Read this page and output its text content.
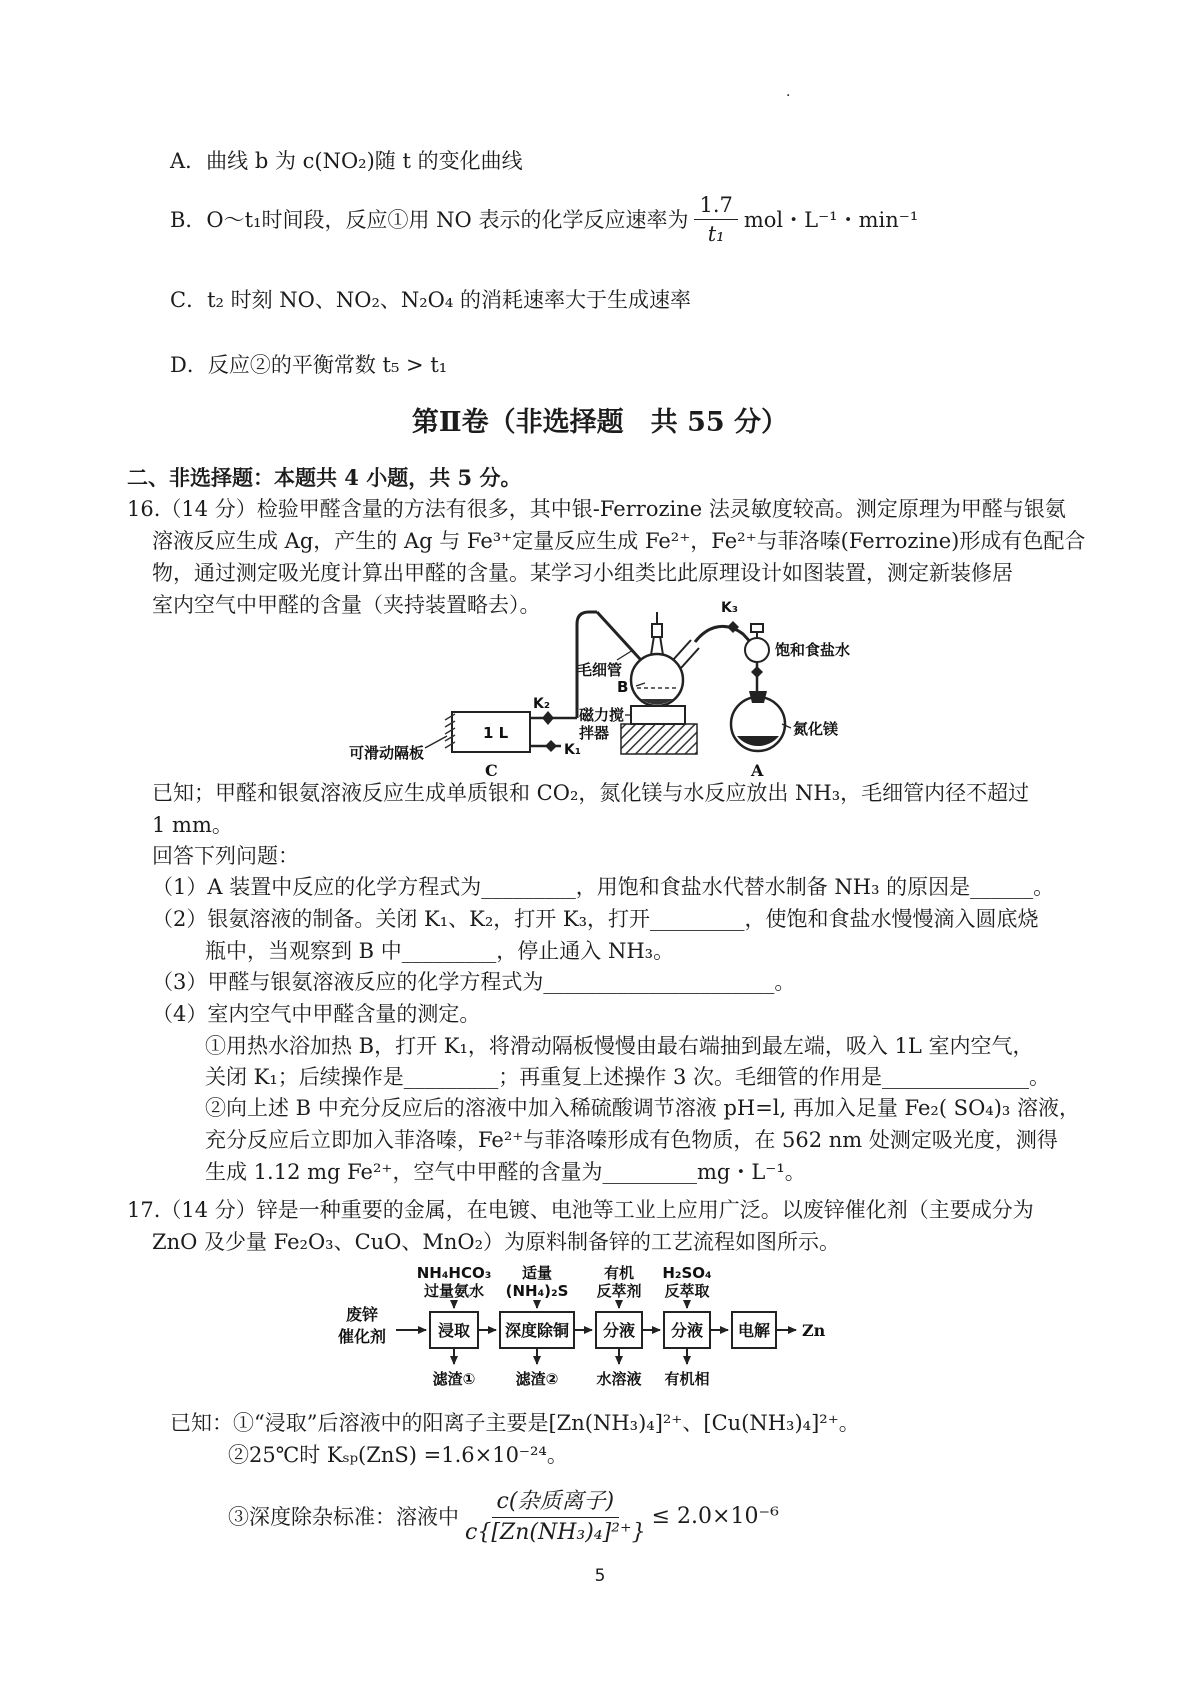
·
A．曲线 b 为 c(NO₂)随 t 的变化曲线
B．O～t₁时间段，反应①用 NO 表示的化学反应速率为 $\frac{1.7}{\text{t₁}}$ mol・L⁻¹・min⁻¹
C．t₂ 时刻 NO、NO₂、N₂O₄ 的消耗速率大于生成速率
D．反应②的平衡常数 t₅ > t₁
第Ⅱ卷（非选择题　共 55 分）
二、非选择题：本题共 4 小题，共 5 分。
16.（14 分）检验甲醛含量的方法有很多，其中银-Ferrozine 法灵敏度较高。测定原理为甲醛与银氨
溶液反应生成 Ag，产生的 Ag 与 Fe³⁺定量反应生成 Fe²⁺，Fe²⁺与菲洛嗪(Ferrozine)形成有色配合
物，通过测定吸光度计算出甲醛的含量。某学习小组类比此原理设计如图装置，测定新装修居
室内空气中甲醛的含量（夹持装置略去）。
1 L
C
可滑动隔板
K₂
K₁
毛细管
B
磁力搅
拌器
K₃
饱和食盐水
氮化镁
A
已知；甲醛和银氨溶液反应生成单质银和 CO₂，氮化镁与水反应放出 NH₃，毛细管内径不超过
1 mm。
回答下列问题：
（1）A 装置中反应的化学方程式为_________，用饱和食盐水代替水制备 NH₃ 的原因是______。
（2）银氨溶液的制备。关闭 K₁、K₂，打开 K₃，打开_________，使饱和食盐水慢慢滴入圆底烧
瓶中，当观察到 B 中_________，停止通入 NH₃。
（3）甲醛与银氨溶液反应的化学方程式为______________________。
（4）室内空气中甲醛含量的测定。
①用热水浴加热 B，打开 K₁，将滑动隔板慢慢由最右端抽到最左端，吸入 1L 室内空气，
关闭 K₁；后续操作是_________；再重复上述操作 3 次。毛细管的作用是______________。
②向上述 B 中充分反应后的溶液中加入稀硫酸调节溶液 pH=l, 再加入足量 Fe₂( SO₄)₃ 溶液，
充分反应后立即加入菲洛嗪，Fe²⁺与菲洛嗪形成有色物质，在 562 nm 处测定吸光度，测得
生成 1.12 mg Fe²⁺，空气中甲醛的含量为_________mg・L⁻¹。
17.（14 分）锌是一种重要的金属，在电镀、电池等工业上应用广泛。以废锌催化剂（主要成分为
ZnO 及少量 Fe₂O₃、CuO、MnO₂）为原料制备锌的工艺流程如图所示。
废锌
催化剂	浸取 深度除铜 分液 分液 电解 Zn
NH₄HCO₃
过量氨水
适量
(NH₄)₂S
有机
反萃剂
H₂SO₄
反萃取
滤渣①	滤渣②	水溶液 有机相
已知：①“浸取”后溶液中的阳离子主要是[Zn(NH₃)₄]²⁺、[Cu(NH₃)₄]²⁺。
②25℃时 Kₛₚ(ZnS) =1.6×10⁻²⁴。
③深度除杂标准：溶液中 $\frac{\text{c(杂质离子)}}{\text{c\{[Zn(NH₃)₄]²⁺\}}} \le 2.0\times 10^{-6}$
5
